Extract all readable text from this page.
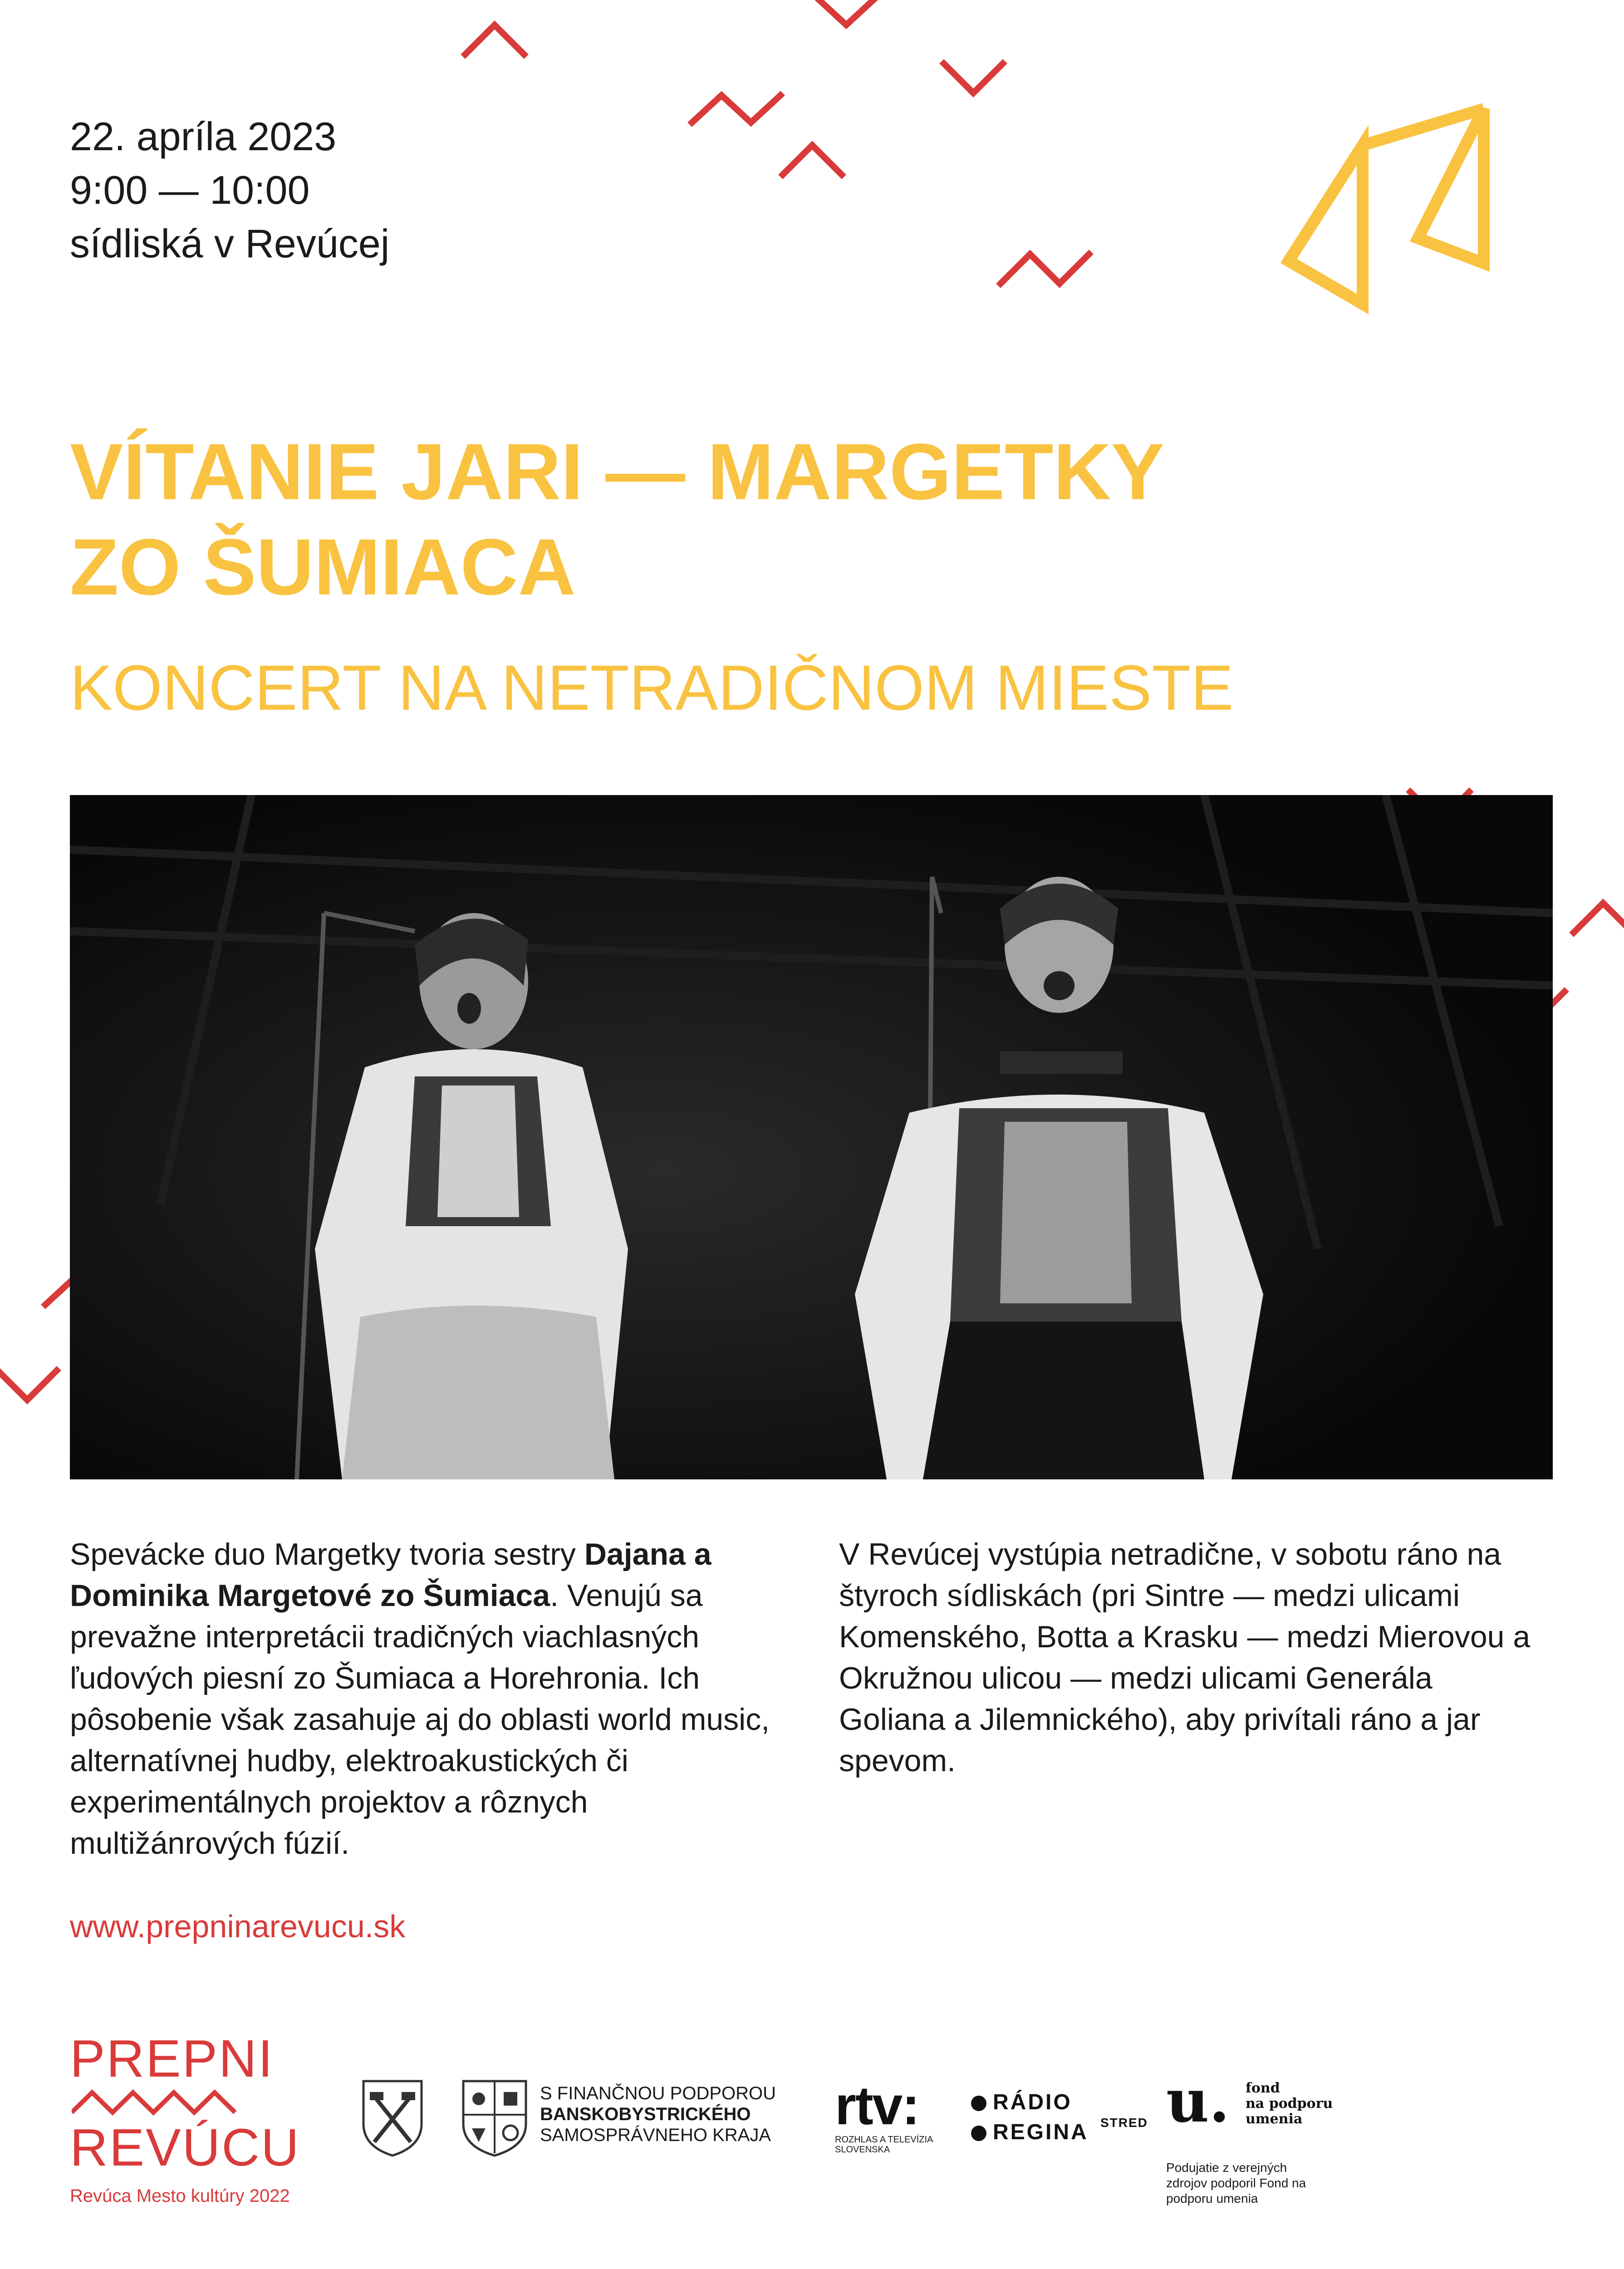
22. apríla 2023
9:00 — 10:00
sídliská v Revúcej
VÍTANIE JARI — MARGETKY
ZO ŠUMIACA
KONCERT NA NETRADIČNOM MIESTE
Spevácke duo Margetky tvoria sestry Dajana a Dominika Margetové zo Šumiaca. Venujú sa prevažne interpretácii tradičných viachlasných ľudových piesní zo Šumiaca a Horehronia. Ich pôsobenie však zasahuje aj do oblasti world music, alternatívnej hudby, elektroakustických či experimentálnych projektov a rôznych multižánrových fúzií.
V Revúcej vystúpia netradične, v sobotu ráno na štyroch sídliskách (pri Sintre — medzi ulicami Komenského, Botta a Krasku — medzi Mierovou a Okružnou ulicou — medzi ulicami Generála Goliana a Jilemnického), aby privítali ráno a jar spevom.
www.prepninarevucu.sk
PREPNI
REVÚCU
Revúca Mesto kultúry 2022
S FINANČNOU PODPOROU
BANSKOBYSTRICKÉHO
SAMOSPRÁVNEHO KRAJA rtv:
ROZHLAS A TELEVÍZIA
SLOVENSKA
RÁDIO
REGINA STRED u. fond
na podporu
umenia
Podujatie z verejných zdrojov podporil Fond na podporu umenia
